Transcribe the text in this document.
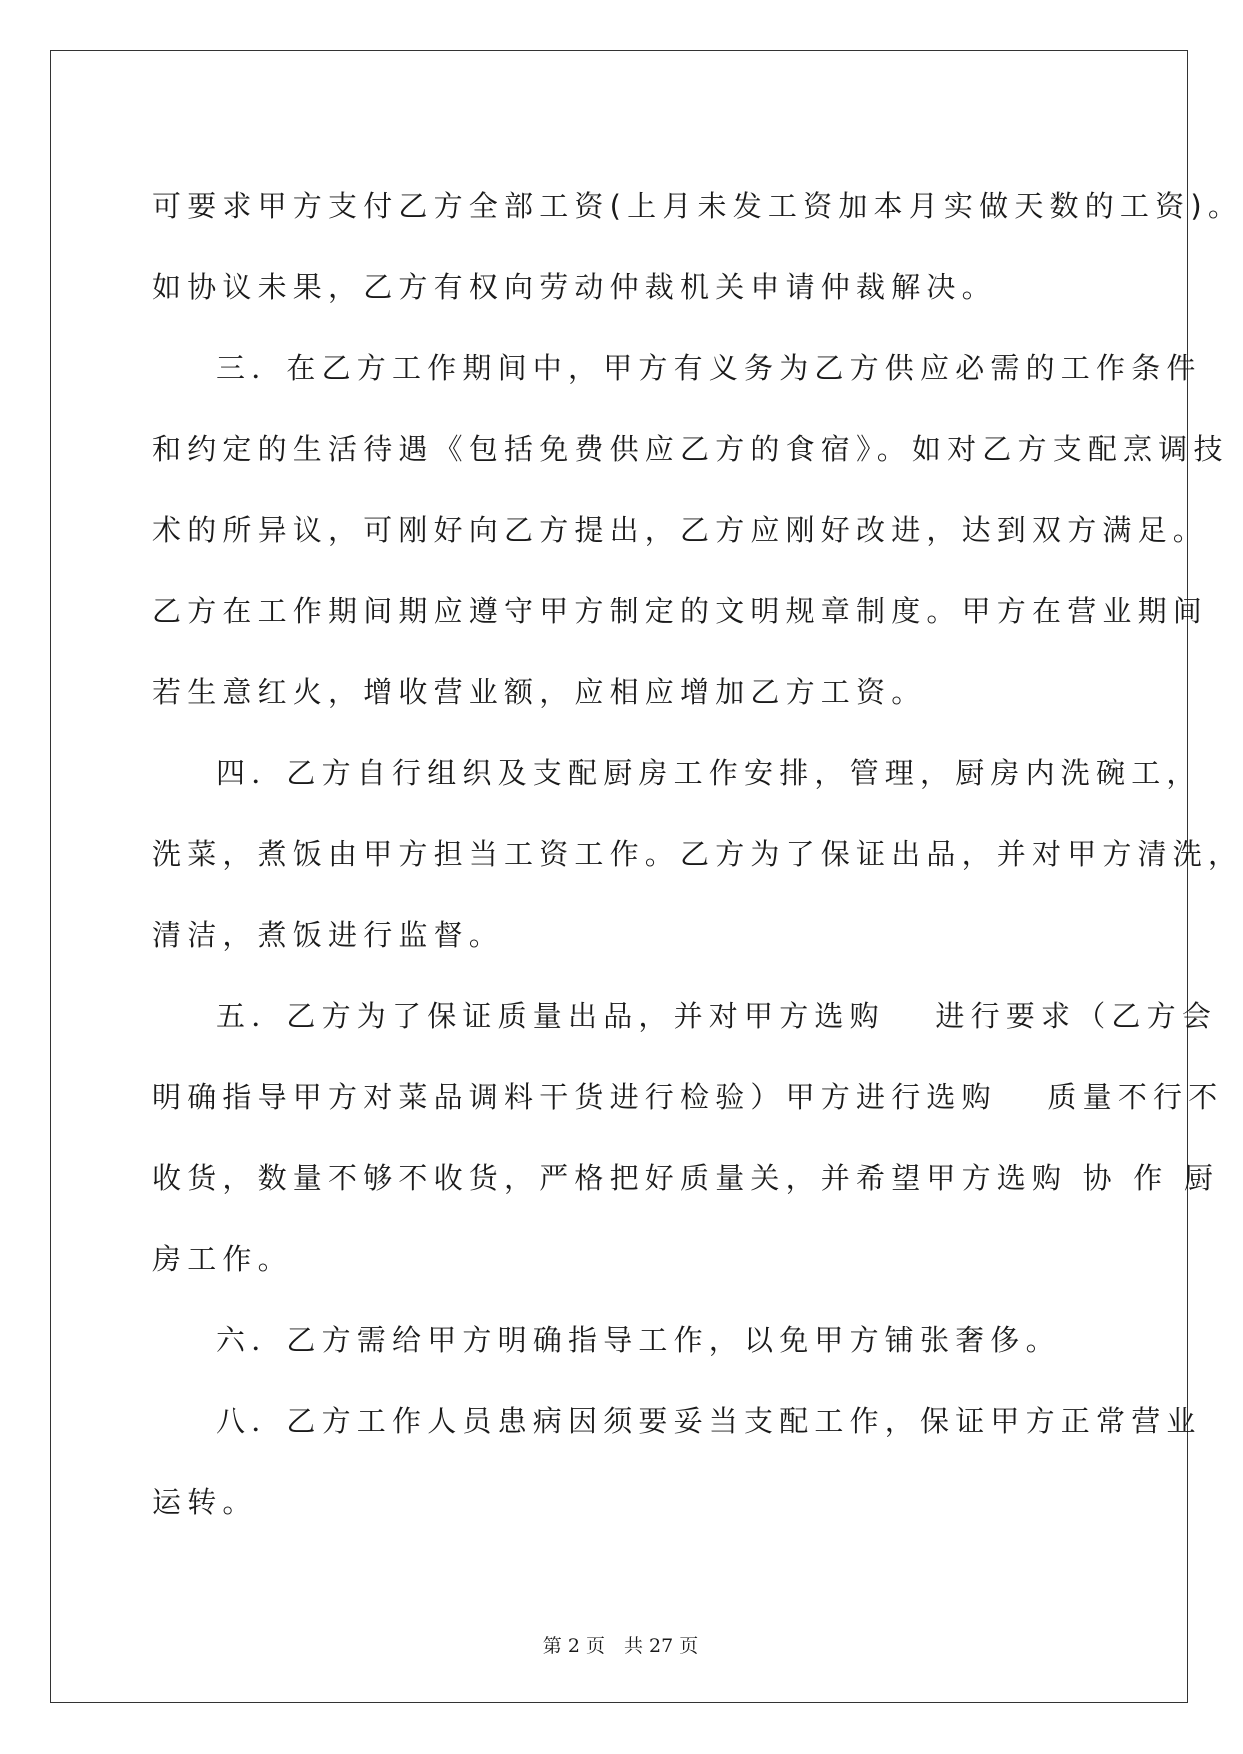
可要求甲方支付乙方全部工资(上月未发工资加本月实做天数的工资)。
如协议未果，乙方有权向劳动仲裁机关申请仲裁解决。
三．在乙方工作期间中，甲方有义务为乙方供应必需的工作条件
和约定的生活待遇《包括免费供应乙方的食宿》。如对乙方支配烹调技
术的所异议，可刚好向乙方提出，乙方应刚好改进，达到双方满足。
乙方在工作期间期应遵守甲方制定的文明规章制度。甲方在营业期间
若生意红火，增收营业额，应相应增加乙方工资。
四．乙方自行组织及支配厨房工作安排，管理，厨房内洗碗工，
洗菜，煮饭由甲方担当工资工作。乙方为了保证出品，并对甲方清洗，
清洁，煮饭进行监督。
五．乙方为了保证质量出品，并对甲方选购　 进行要求（乙方会
明确指导甲方对菜品调料干货进行检验）甲方进行选购　 质量不行不
收货，数量不够不收货，严格把好质量关，并希望甲方选购 协 作 厨
房工作。
六．乙方需给甲方明确指导工作，以免甲方铺张奢侈。
八．乙方工作人员患病因须要妥当支配工作，保证甲方正常营业
运转。
第 2 页　共 27 页
